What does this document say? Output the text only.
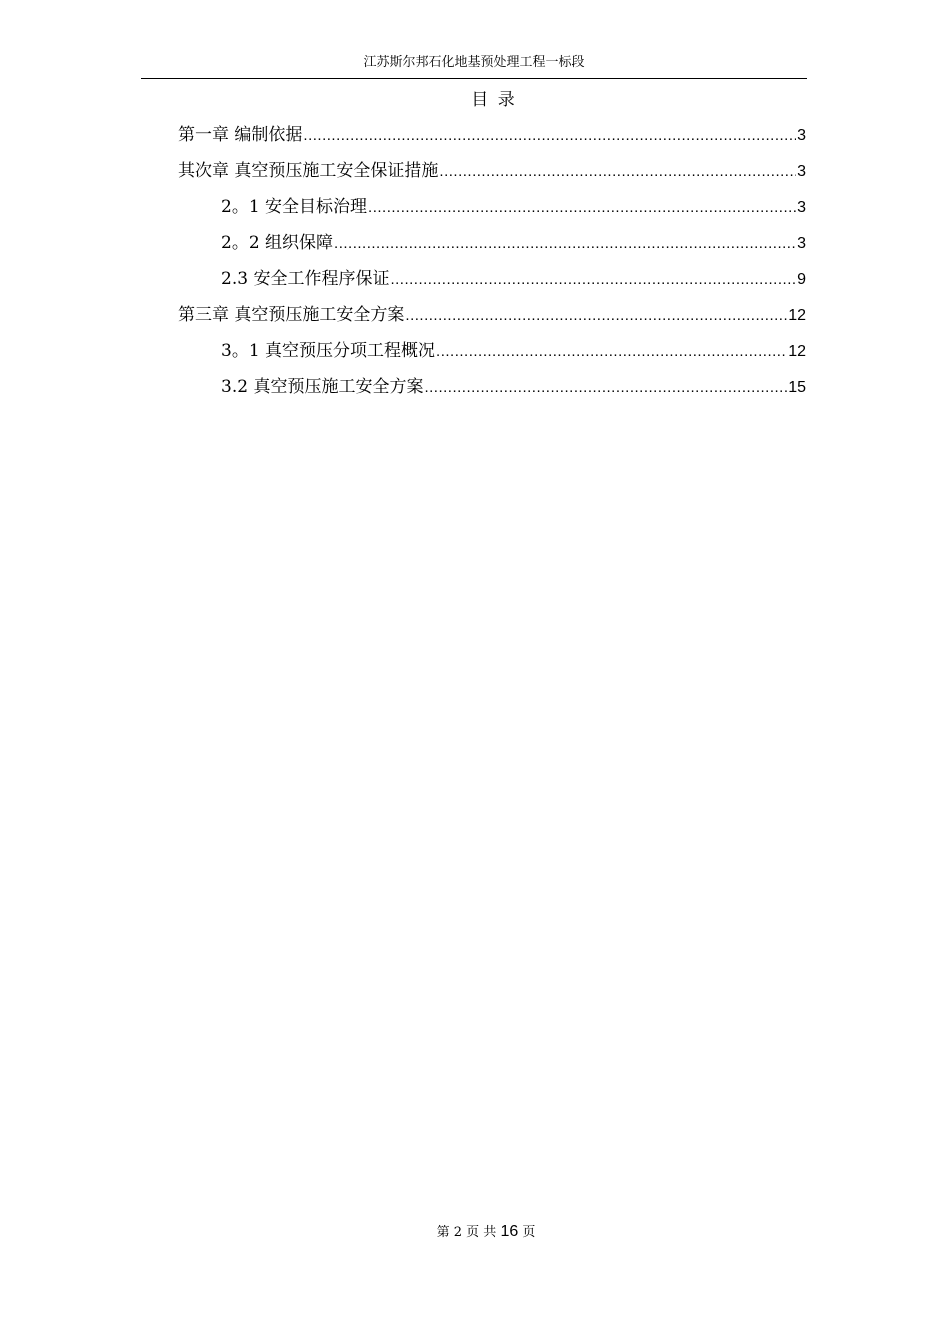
江苏斯尔邦石化地基预处理工程一标段
目 录
第一章 编制依据 .....	3
其次章 真空预压施工安全保证措施 .....	3
2。1 安全目标治理 .....	3
2。2 组织保障 .....	3
2.3 安全工作程序保证 .....	9
第三章 真空预压施工安全方案 .....	12
3。1 真空预压分项工程概况 .....	12
3.2 真空预压施工安全方案 .....	15
第 2 页 共 16 页
